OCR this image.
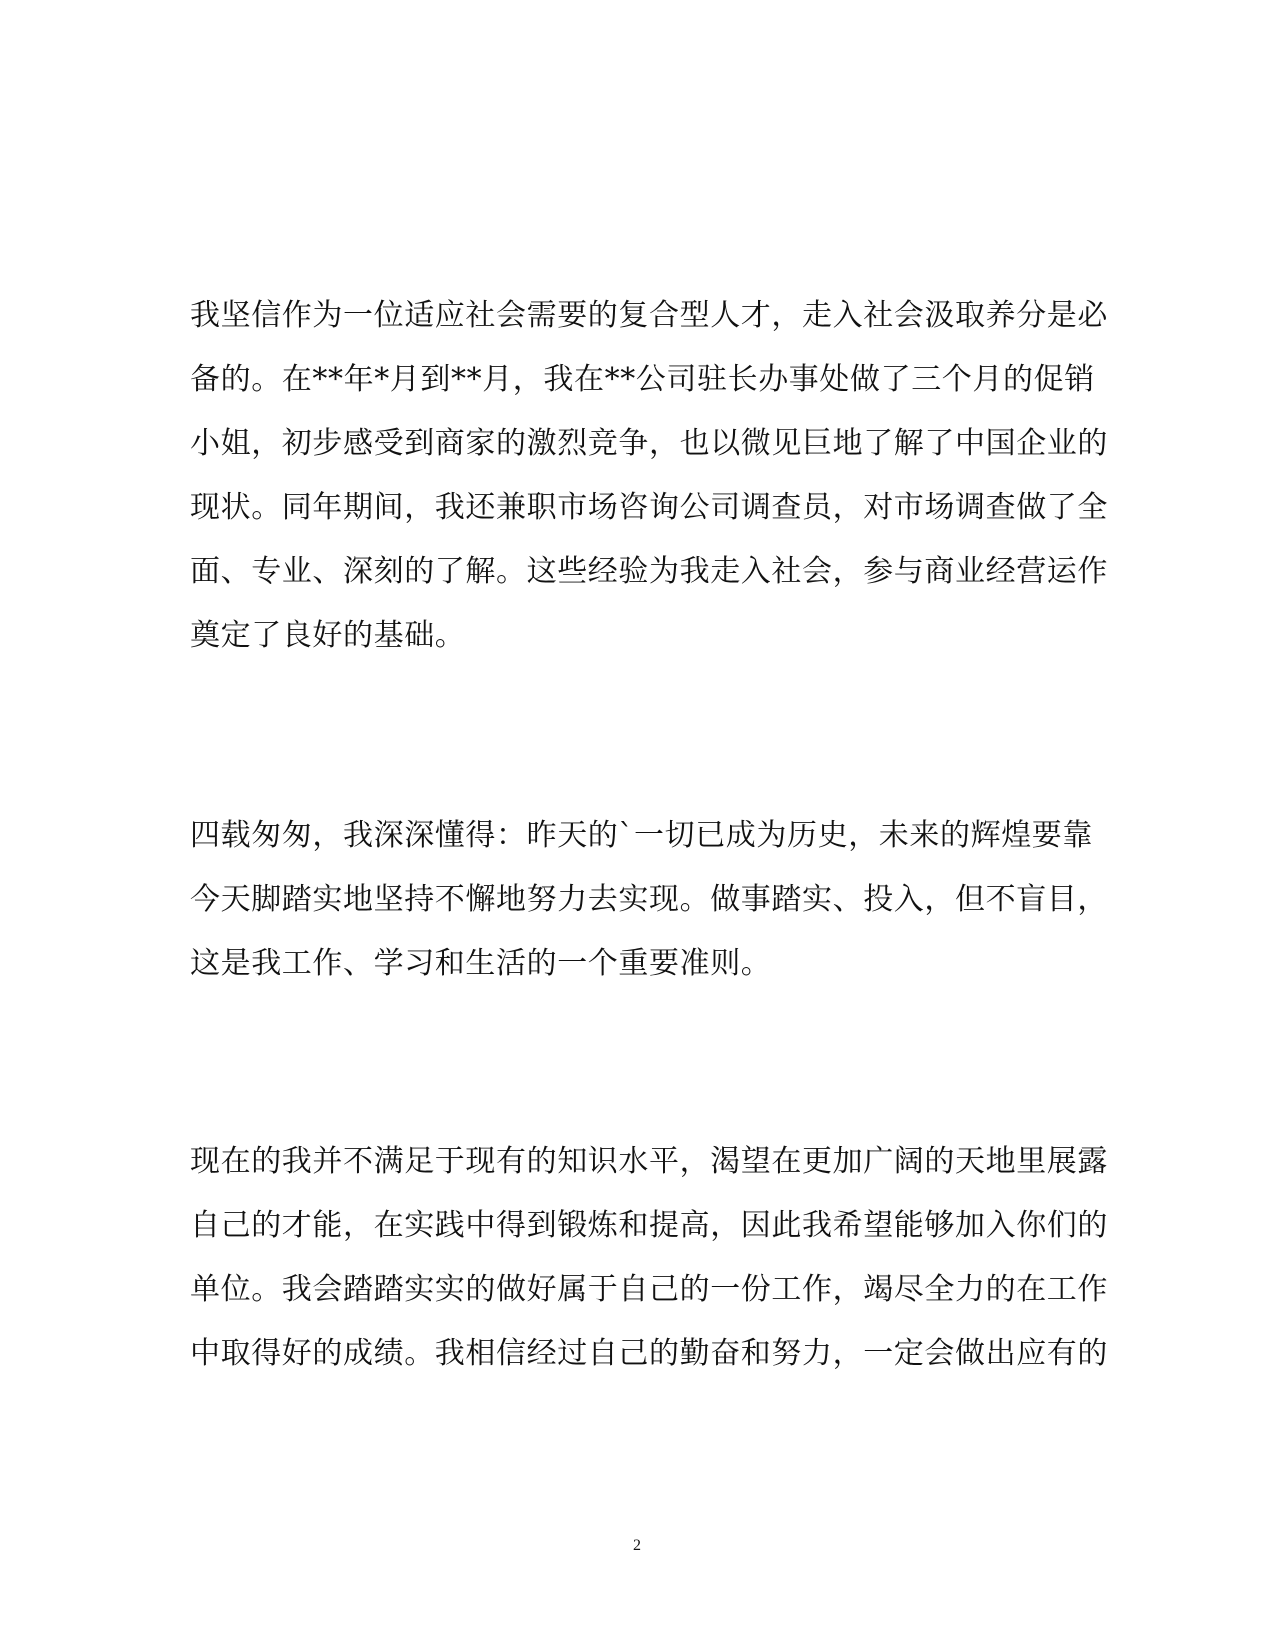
我坚信作为一位适应社会需要的复合型人才，走入社会汲取养分是必
备的。在**年*月到**月，我在**公司驻长办事处做了三个月的促销
小姐，初步感受到商家的激烈竞争，也以微见巨地了解了中国企业的
现状。同年期间，我还兼职市场咨询公司调查员，对市场调查做了全
面、专业、深刻的了解。这些经验为我走入社会，参与商业经营运作
奠定了良好的基础。
四载匆匆，我深深懂得：昨天的`一切已成为历史，未来的辉煌要靠
今天脚踏实地坚持不懈地努力去实现。做事踏实、投入，但不盲目，
这是我工作、学习和生活的一个重要准则。
现在的我并不满足于现有的知识水平，渴望在更加广阔的天地里展露
自己的才能，在实践中得到锻炼和提高，因此我希望能够加入你们的
单位。我会踏踏实实的做好属于自己的一份工作，竭尽全力的在工作
中取得好的成绩。我相信经过自己的勤奋和努力，一定会做出应有的
2
